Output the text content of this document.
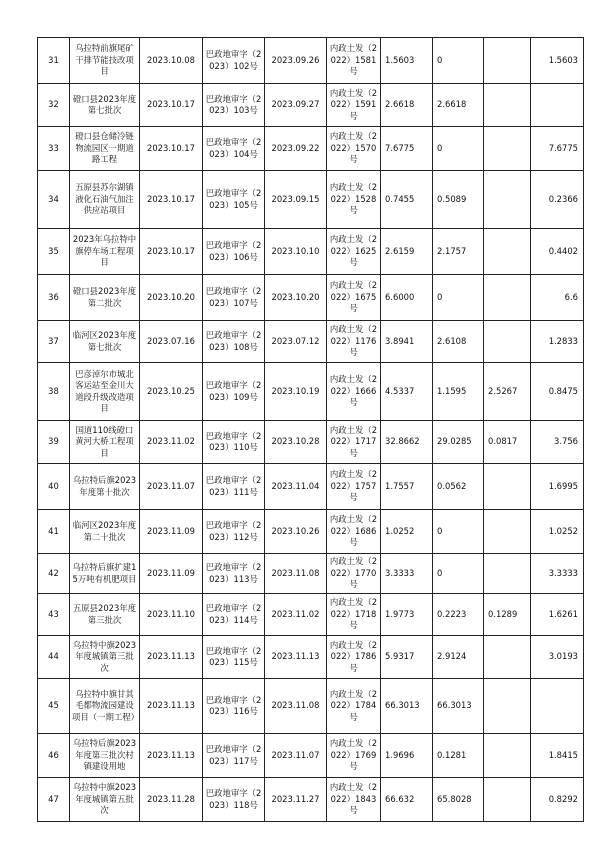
31	乌拉特前旗尾矿干排节能技改项目	2023.10.08	巴政地审字（2023）102号	2023.09.26	内政土发（2022）1581号	1.5603	0		1.5603
32	磴口县2023年度第七批次	2023.10.17	巴政地审字（2023）103号	2023.09.27	内政土发（2022）1591号	2.6618	2.6618		
33	磴口县仓储冷链物流园区一期道路工程	2023.10.17	巴政地审字（2023）104号	2023.09.22	内政土发（2022）1570号	7.6775	0		7.6775
34	五原县苏尔湖镇液化石油气加注供应站项目	2023.10.17	巴政地审字（2023）105号	2023.09.15	内政土发（2022）1528号	0.7455	0.5089		0.2366
35	2023年乌拉特中旗停车场工程项目	2023.10.17	巴政地审字（2023）106号	2023.10.10	内政土发（2022）1625号	2.6159	2.1757		0.4402
36	磴口县2023年度第二批次	2023.10.20	巴政地审字（2023）107号	2023.10.20	内政土发（2022）1675号	6.6000	0		6.6
37	临河区2023年度第七批次	2023.07.16	巴政地审字（2023）108号	2023.07.12	内政土发（2022）1176号	3.8941	2.6108		1.2833
38	巴彦淖尔市城北客运站至金川大道段升级改造项目	2023.10.25	巴政地审字（2023）109号	2023.10.19	内政土发（2022）1666号	4.5337	1.1595	2.5267	0.8475
39	国道110线磴口黄河大桥工程项目	2023.11.02	巴政地审字（2023）110号	2023.10.28	内政土发（2022）1717号	32.8662	29.0285	0.0817	3.756
40	乌拉特后旗2023年度第十批次	2023.11.07	巴政地审字（2023）111号	2023.11.04	内政土发（2022）1757号	1.7557	0.0562		1.6995
41	临河区2023年度第二十批次	2023.11.09	巴政地审字（2023）112号	2023.10.26	内政土发（2022）1686号	1.0252	0		1.0252
42	乌拉特后旗扩建15万吨有机肥项目	2023.11.09	巴政地审字（2023）113号	2023.11.08	内政土发（2022）1770号	3.3333	0		3.3333
43	五原县2023年度第三批次	2023.11.10	巴政地审字（2023）114号	2023.11.02	内政土发（2022）1718号	1.9773	0.2223	0.1289	1.6261
44	乌拉特中旗2023年度城镇第三批次	2023.11.13	巴政地审字（2023）115号	2023.11.13	内政土发（2022）1786号	5.9317	2.9124		3.0193
45	乌拉特中旗甘其毛都物流园建设项目（一期工程）	2023.11.13	巴政地审字（2023）116号	2023.11.08	内政土发（2022）1784号	66.3013	66.3013		
46	乌拉特后旗2023年度第三批次村镇建设用地	2023.11.13	巴政地审字（2023）117号	2023.11.07	内政土发（2022）1769号	1.9696	0.1281		1.8415
47	乌拉特中旗2023年度城镇第五批次	2023.11.28	巴政地审字（2023）118号	2023.11.27	内政土发（2022）1843号	66.632	65.8028		0.8292
